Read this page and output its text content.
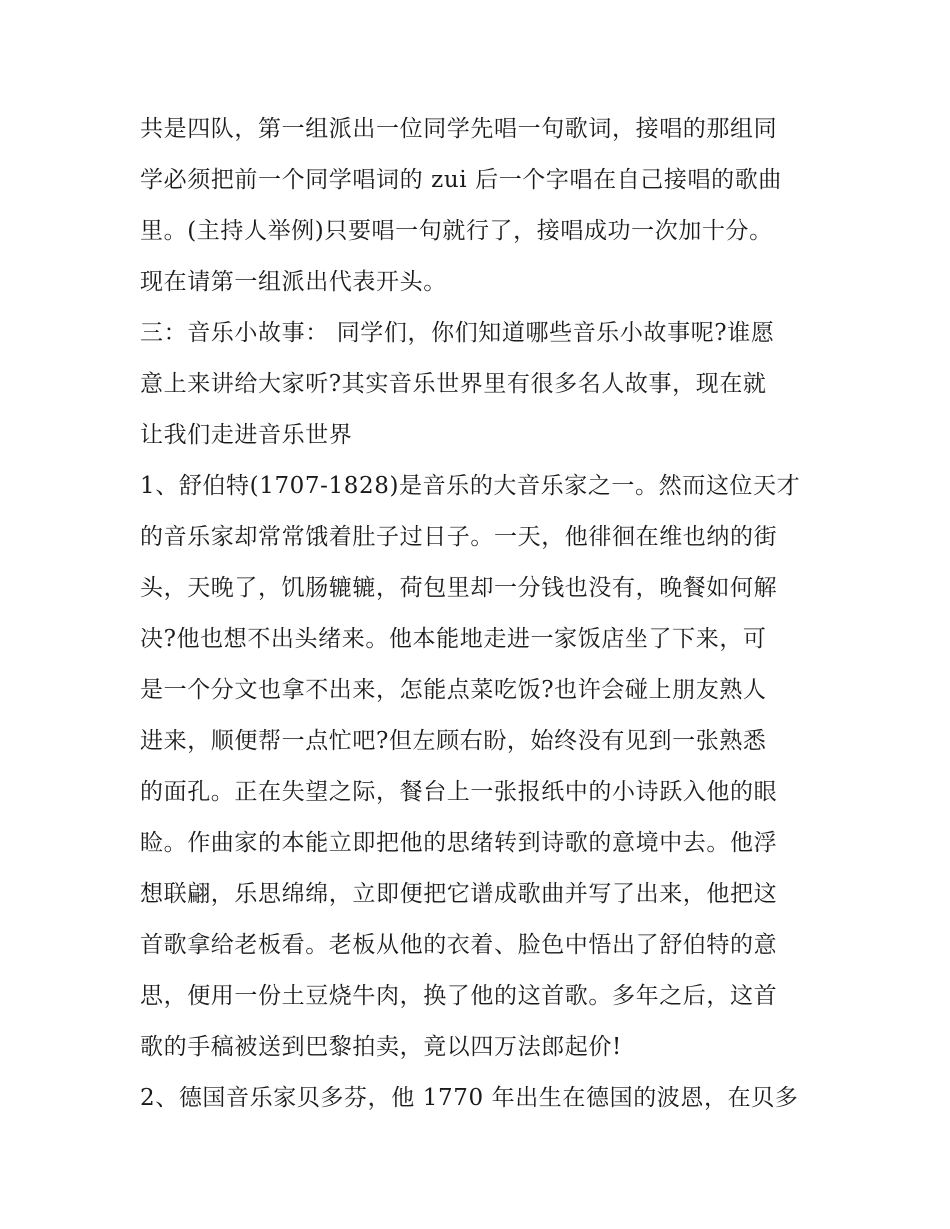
共是四队，第一组派出一位同学先唱一句歌词，接唱的那组同
学必须把前一个同学唱词的 zui 后一个字唱在自己接唱的歌曲
里。(主持人举例)只要唱一句就行了，接唱成功一次加十分。
现在请第一组派出代表开头。
三：音乐小故事： 同学们，你们知道哪些音乐小故事呢?谁愿
意上来讲给大家听?其实音乐世界里有很多名人故事，现在就
让我们走进音乐世界
1、舒伯特(1707-1828)是音乐的大音乐家之一。然而这位天才
的音乐家却常常饿着肚子过日子。一天，他徘徊在维也纳的街
头，天晚了，饥肠辘辘，荷包里却一分钱也没有，晚餐如何解
决?他也想不出头绪来。他本能地走进一家饭店坐了下来，可
是一个分文也拿不出来，怎能点菜吃饭?也许会碰上朋友熟人
进来，顺便帮一点忙吧?但左顾右盼，始终没有见到一张熟悉
的面孔。正在失望之际，餐台上一张报纸中的小诗跃入他的眼
睑。作曲家的本能立即把他的思绪转到诗歌的意境中去。他浮
想联翩，乐思绵绵，立即便把它谱成歌曲并写了出来，他把这
首歌拿给老板看。老板从他的衣着、脸色中悟出了舒伯特的意
思，便用一份土豆烧牛肉，换了他的这首歌。多年之后，这首
歌的手稿被送到巴黎拍卖，竟以四万法郎起价!
2、德国音乐家贝多芬，他 1770 年出生在德国的波恩，在贝多
